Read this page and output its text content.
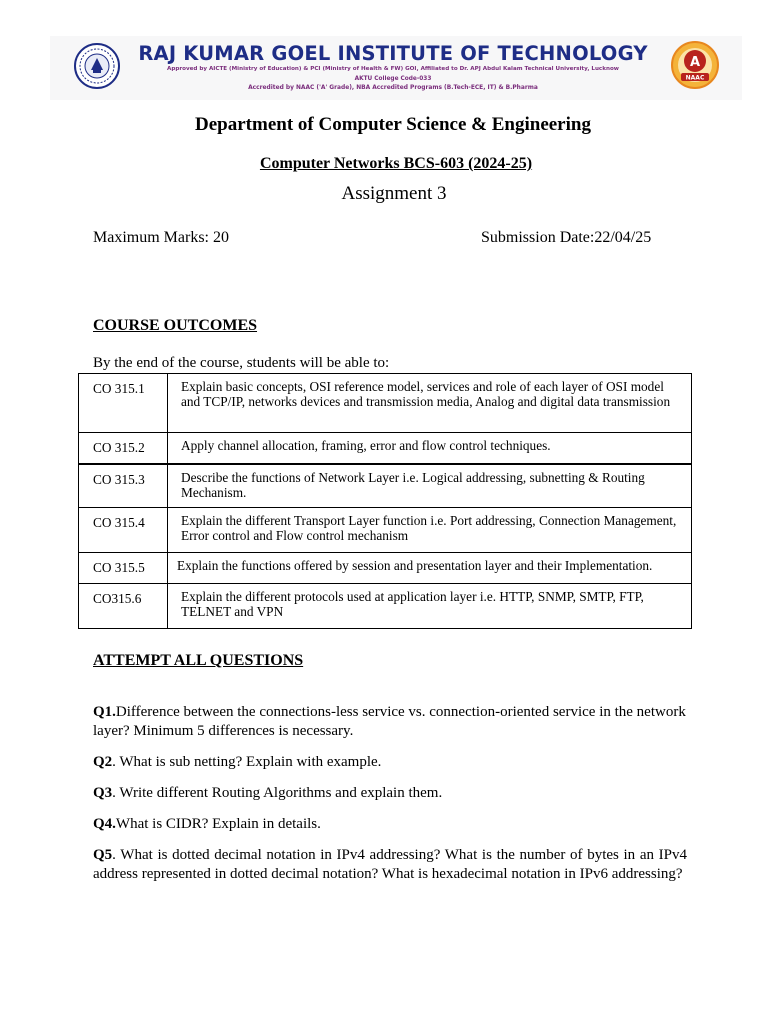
RAJ KUMAR GOEL INSTITUTE OF TECHNOLOGY
Approved by AICTE (Ministry of Education) & PCI (Ministry of Health & FW) GOI, Affiliated to Dr. APJ Abdul Kalam Technical University, Lucknow
AKTU College Code-033
Accredited by NAAC ('A' Grade), NBA Accredited Programs (B.Tech-ECE, IT) & B.Pharma
A
NAAC
Department of Computer Science & Engineering
Computer Networks BCS-603 (2024-25)
Assignment 3
Maximum Marks: 20	Submission Date:22/04/25
COURSE OUTCOMES
By the end of the course, students will be able to:
CO 315.1	Explain basic concepts, OSI reference model, services and role of each layer of OSI model and TCP/IP, networks devices and transmission media, Analog and digital data transmission
CO 315.2	Apply channel allocation, framing, error and flow control techniques.
CO 315.3	Describe the functions of Network Layer i.e. Logical addressing, subnetting & Routing Mechanism.
CO 315.4	Explain the different Transport Layer function i.e. Port addressing, Connection Management, Error control and Flow control mechanism
CO 315.5	Explain the functions offered by session and presentation layer and their Implementation.
CO315.6	Explain the different protocols used at application layer i.e. HTTP, SNMP, SMTP, FTP, TELNET and VPN
ATTEMPT ALL QUESTIONS
Q1.Difference between the connections-less service vs. connection-oriented service in the network layer? Minimum 5 differences is necessary.
Q2. What is sub netting? Explain with example.
Q3. Write different Routing Algorithms and explain them.
Q4.What is CIDR? Explain in details.
Q5. What is dotted decimal notation in IPv4 addressing? What is the number of bytes in an IPv4 address represented in dotted decimal notation? What is hexadecimal notation in IPv6 addressing?
